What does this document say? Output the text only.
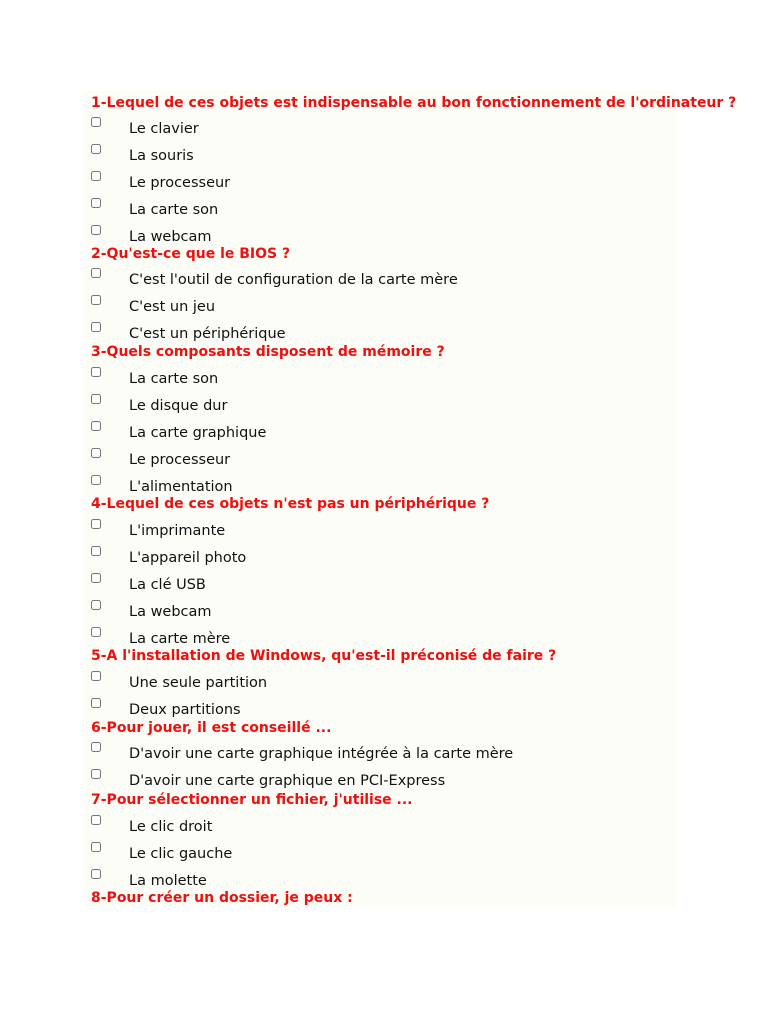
1-Lequel de ces objets est indispensable au bon fonctionnement de l'ordinateur ?

Le clavier
La souris
Le processeur
La carte son
La webcam

2-Qu'est-ce que le BIOS ?

C'est l'outil de configuration de la carte mère
C'est un jeu
C'est un périphérique

3-Quels composants disposent de mémoire ?

La carte son
Le disque dur
La carte graphique
Le processeur
L'alimentation

4-Lequel de ces objets n'est pas un périphérique ?

L'imprimante
L'appareil photo
La clé USB
La webcam
La carte mère

5-A l'installation de Windows, qu'est-il préconisé de faire ?

Une seule partition
Deux partitions

6-Pour jouer, il est conseillé ...

D'avoir une carte graphique intégrée à la carte mère
D'avoir une carte graphique en PCI-Express

7-Pour sélectionner un fichier, j'utilise ...

Le clic droit
Le clic gauche
La molette

8-Pour créer un dossier, je peux :
